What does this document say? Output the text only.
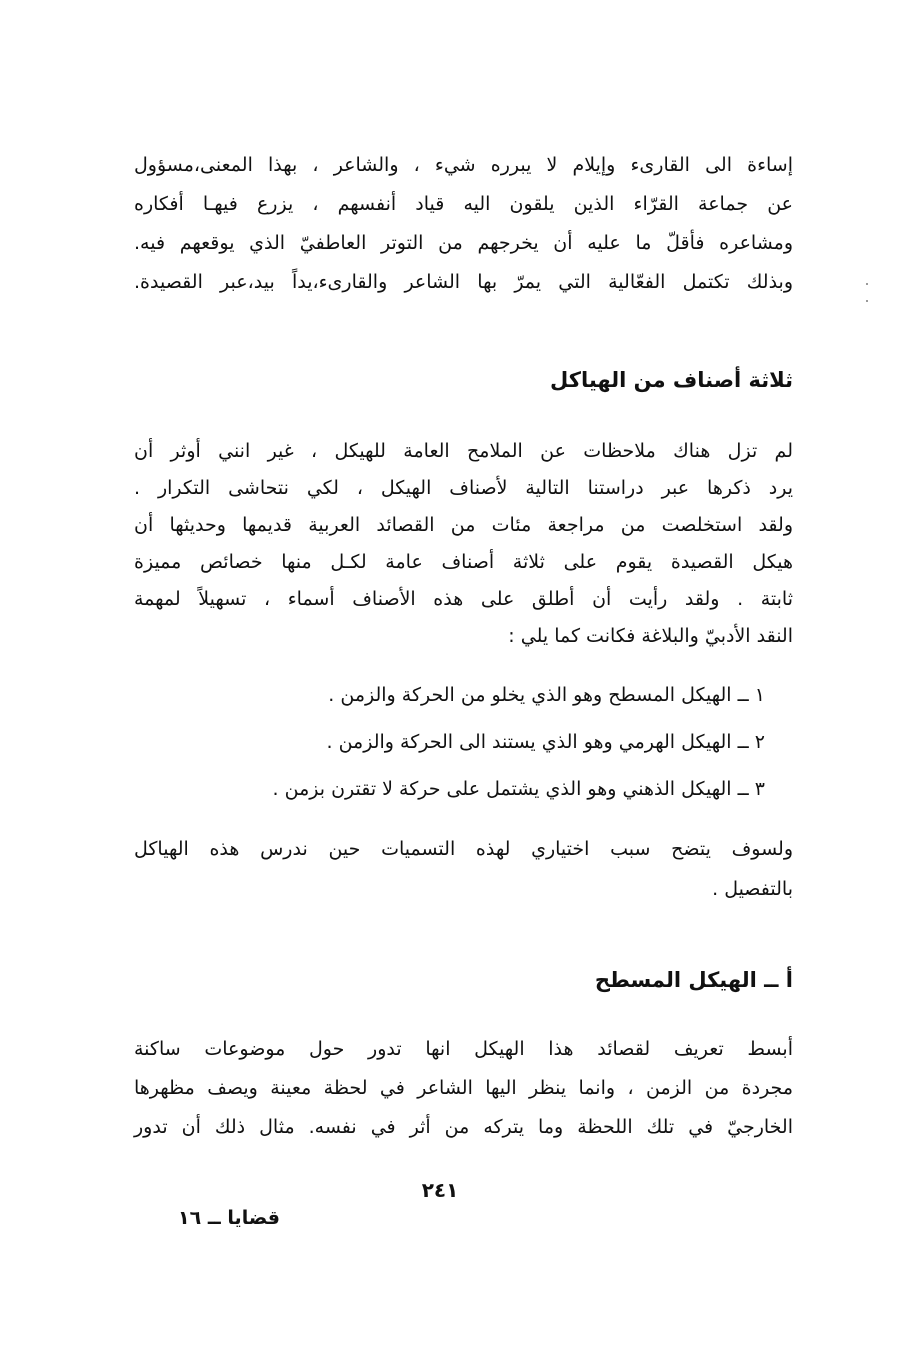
إساءة الى القارىء وإيلام لا يبرره شيء ، والشاعر ، بهذا المعنى،مسؤول
عن جماعة القرّاء الذين يلقون اليه قياد أنفسهم ، يزرع فيهـا أفكاره
ومشاعره فأقلّ ما عليه أن يخرجهم من التوتر العاطفيّ الذي يوقعهم فيه.
وبذلك تكتمل الفعّالية التي يمرّ بها الشاعر والقارىء،يداً بيد،عبر القصيدة.
ثلاثة أصناف من الهياكل
لم تزل هناك ملاحظات عن الملامح العامة للهيكل ، غير انني أوثر أن
يرد ذكرها عبر دراستنا التالية لأصناف الهيكل ، لكي نتحاشى التكرار .
ولقد استخلصت من مراجعة مئات من القصائد العربية قديمها وحديثها أن
هيكل القصيدة يقوم على ثلاثة أصناف عامة لكـل منها خصائص مميزة
ثابتة . ولقد رأيت أن أطلق على هذه الأصناف أسماء ، تسهيلاً لمهمة
النقد الأدبيّ والبلاغة فكانت كما يلي :
١ ــ الهيكل المسطح وهو الذي يخلو من الحركة والزمن .
٢ ــ الهيكل الهرمي وهو الذي يستند الى الحركة والزمن .
٣ ــ الهيكل الذهني وهو الذي يشتمل على حركة لا تقترن بزمن .
ولسوف يتضح سبب اختياري لهذه التسميات حين ندرس هذه الهياكل
بالتفصيل .
أ ــ الهيكل المسطح
أبسط تعريف لقصائد هذا الهيكل انها تدور حول موضوعات ساكنة
مجردة من الزمن ، وانما ينظر اليها الشاعر في لحظة معينة ويصف مظهرها
الخارجيّ في تلك اللحظة وما يتركه من أثر في نفسه. مثال ذلك أن تدور
٢٤١
قضايا ــ ١٦
